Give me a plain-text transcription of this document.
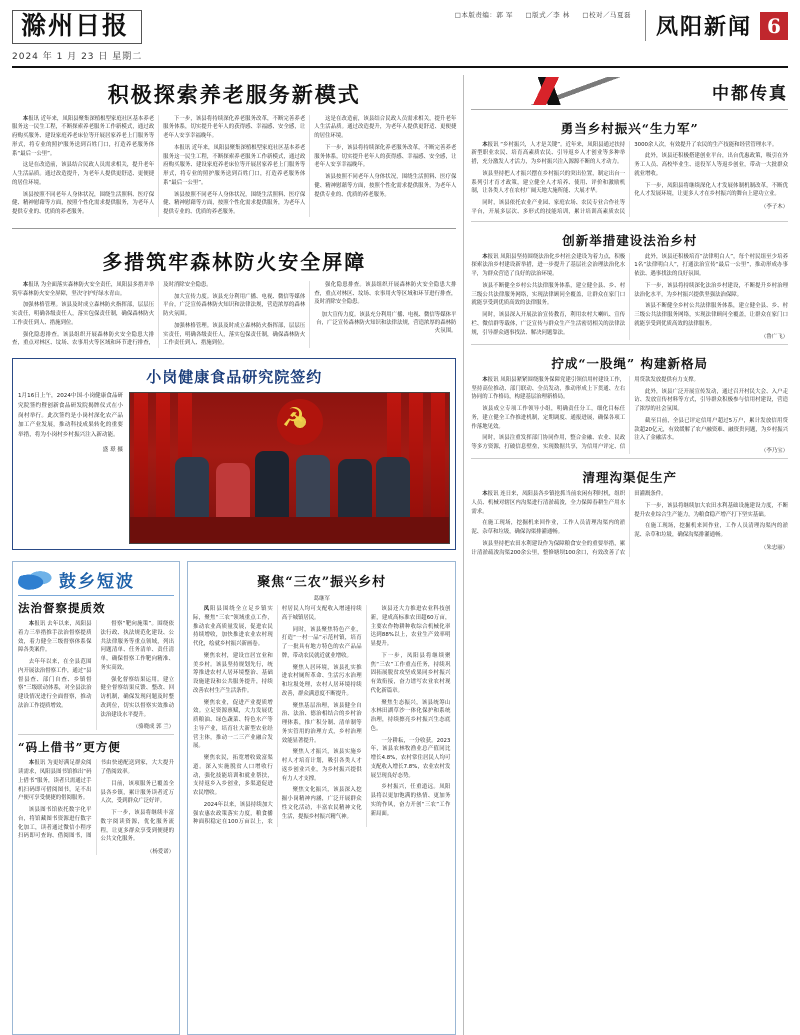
滁州日报
2024 年 1 月 23 日 星期二
□本版责编：郭 军 □版式／李 林 □校对／马夏磊	凤阳新闻 6
积极探索养老服务新模式

本报讯 近年来，凤阳县聚集深植根型家庭社区基本养老服务这一民生工程，不断探索养老服务工作新模式，通过政府购买服务、建设家庭养老床位等开展居家养老上门服务等形式，将专业的照护服务送到百姓门口，打造养老服务体系“最后一公里”。

这是在改造前，该县结合民政人员需求相关，提升老年人生活品质。通过改造提升，为老年人提供更舒适、更便捷的居住环境。

该县按照不同老年人身体状况，围绕生活照料、医疗保健、精神慰藉等方面，按照个性化需求提供服务，为老年人提供专业的、优质的养老服务。

下一步，该县将持续深化养老服务改革，不断完善养老服务体系，切实提升老年人的获得感、幸福感、安全感，让老年人安享幸福晚年。

本报讯 近年来，凤阳县聚集深植根型家庭社区基本养老服务这一民生工程，不断探索养老服务工作新模式，通过政府购买服务、建设家庭养老床位等开展居家养老上门服务等形式，将专业的照护服务送到百姓门口，打造养老服务体系“最后一公里”。

该县按照不同老年人身体状况，围绕生活照料、医疗保健、精神慰藉等方面，按照个性化需求提供服务，为老年人提供专业的、优质的养老服务。

这是在改造前，该县结合民政人员需求相关，提升老年人生活品质。通过改造提升，为老年人提供更舒适、更便捷的居住环境。

下一步，该县将持续深化养老服务改革，不断完善养老服务体系，切实提升老年人的获得感、幸福感、安全感，让老年人安享幸福晚年。

该县按照不同老年人身体状况，围绕生活照料、医疗保健、精神慰藉等方面，按照个性化需求提供服务，为老年人提供专业的、优质的养老服务。

多措筑牢森林防火安全屏障

本报讯 为全面落实森林防火安全责任，凤阳县多措并举筑牢森林防火安全屏障，坚决守护好绿水青山。

加强林格管理。该县及时成立森林防火指挥部，层层压实责任，明确各级责任人，落实包保责任制，确保森林防火工作责任到人、措施到位。

强化隐患排查。该县组织开展森林防火安全隐患大排查，重点对林区、坟场、农事用火等区域和环节进行排查，及时消除安全隐患。

加大宣传力度。该县充分利用广播、电视、微信等媒体平台，广泛宣传森林防火知识和法律法规，营造浓厚的森林防火氛围。

加强林格管理。该县及时成立森林防火指挥部，层层压实责任，明确各级责任人，落实包保责任制，确保森林防火工作责任到人、措施到位。

强化隐患排查。该县组织开展森林防火安全隐患大排查，重点对林区、坟场、农事用火等区域和环节进行排查，及时消除安全隐患。

加大宣传力度。该县充分利用广播、电视、微信等媒体平台，广泛宣传森林防火知识和法律法规，营造浓厚的森林防火氛围。

小岗健康食品研究院签约
1月16日上午，2024中国·小岗健康食品研究院签约暨创新食品研发院揭牌仪式在小岗村举行。此次签约是小岗村深化农产品加工产业发展，推动科技成果转化的重要举措，将为小岗村乡村振兴注入新动能。
盛 璟 摄
☭
鼓乡短波
法治督察提质效

本报讯 去年以来，凤阳县着力三举措推手法治督察提质效，着力健全三级督察体系保障各类案件。

去年年以来，在全县范围内开展法治督察工作，通过“县督县查、部门自查、乡镇督察”三级联动体系，对全县法治建设情况进行全面督察，推动法治工作提质增效。

督察“靶向施策”。围绕依法行政、执法规范化建设、公共法律服务等重点领域，列出问题清单、任务清单、责任清单，确保督察工作靶向精准、务实高效。

强化督察结果运用。建立健全督察结果反馈、整改、回访机制，确保发现问题及时整改到位，切实以督察实效推动法治建设水平提升。

（骆晓成 郭 兰）

“码上借书”更方便

本报讯 为更好满足群众阅读需求，凤阳县图书馆推出“码上借书”服务，读者只需通过手机扫码即可借阅图书，足不出户便可享受便捷的借阅服务。

该县图书馆依托数字化平台，将馆藏图书资源进行数字化加工，读者通过微信小程序扫码即可查询、借阅图书，图书由快递配送到家，大大提升了借阅效率。

目前，该项服务已覆盖全县各乡镇，累计服务读者近万人次，受到群众广泛好评。

下一步，该县将继续丰富数字阅读资源，优化服务流程，让更多群众享受到便捷的公共文化服务。

（杨爱诺）

聚焦“三农”振兴乡村
葛继军

凤阳县围绕全立足乡镇实际，聚焦“三农”领域重点工作，推动农业高质量发展，促进农民持续增收，加快推进农业农村现代化，绘就乡村振兴新画卷。

聚焦农村，建设宜居宜业和美乡村。该县坚持规划先行，统筹推进农村人居环境整治、基础设施建设和公共服务提升，持续改善农村生产生活条件。

聚焦农业，促进产业提质增效。立足资源禀赋，大力发展优质粮油、绿色蔬菜、特色水产等主导产业，培育壮大新型农业经营主体，推动一二三产业融合发展。

聚焦农民，拓宽增收致富渠道。深入实施脱贫人口增收行动，强化技能培训和就业帮扶，支持返乡入乡创业，多渠道促进农民增收。

2024年以来，该县持续加大强农惠农政策落实力度，粮食播种面积稳定在100万亩以上，农村居民人均可支配收入增速持续高于城镇居民。

同时，该县聚焦特色产业，打造“一村一品”示范村镇，培育了一批具有地方特色的农产品品牌，带动农民就近就业增收。

聚焦人居环境，该县扎实推进农村厕所革命、生活污水治理和垃圾处理，农村人居环境持续改善，群众满意度不断提升。

聚焦基层治理，该县健全自治、法治、德治相结合的乡村治理体系，推广积分制、清单制等务实管用的治理方式，乡村治理效能显著提升。

聚焦人才振兴，该县实施乡村人才培育计划，吸引各类人才返乡创业兴业，为乡村振兴提供有力人才支撑。

聚焦文化振兴，该县深入挖掘小岗精神内涵，广泛开展群众性文化活动，丰富农民精神文化生活，提振乡村振兴精气神。

该县还大力推进农业科技创新，建成高标准农田超60万亩，主要农作物耕种收综合机械化率达到88%以上，农业生产效率明显提升。

下一步，凤阳县将继续聚焦“三农”工作重点任务，持续巩固拓展脱贫攻坚成果同乡村振兴有效衔接，奋力谱写农业农村现代化新篇章。

聚焦生态振兴，该县统筹山水林田湖草沙一体化保护和系统治理，持续擦亮乡村振兴生态底色。

一分耕耘，一分收获。2023年，该县农林牧渔业总产值同比增长4.8%，农村常住居民人均可支配收入增长7.8%，农业农村发展呈现良好态势。

乡村振兴，任重道远。凤阳县将以更加饱满的热情、更加务实的作风，奋力开创“三农”工作新局面。

中都传真
勇当乡村振兴“生力军”

本报讯 “乡村振兴，人才是关键”。近年来，凤阳县通过扶持新型职业农民、培育高素质农民、引导返乡人才创业等多种举措，充分激发人才活力，为乡村振兴注入源源不断的人才动力。

该县坚持把人才振兴摆在乡村振兴的突出位置，制定出台一系列引才育才政策，建立健全人才培养、使用、评价和激励机制，让各类人才在农村广阔天地大施所能、大展才华。

同时，该县依托农业产业园、家庭农场、农民专业合作社等平台，开展多层次、多形式的技能培训，累计培训高素质农民3000余人次，有效提升了农民的生产技能和经营管理水平。

此外，该县还积极搭建创业平台，出台优惠政策，吸引在外务工人员、高校毕业生、退役军人等返乡创业，带动一大批群众就业增收。

下一步，凤阳县将继续深化人才发展体制机制改革，不断优化人才发展环境，让更多人才在乡村振兴的舞台上建功立业。

（李子木）

创新举措建设法治乡村

本报讯 凤阳县坚持围绕法治化乡村社会建设为着力点，积极探索法治乡村建设新举措，进一步提升了基层社会治理法治化水平，为群众营造了良好的法治环境。

该县不断健全乡村公共法律服务体系，建立健全县、乡、村三级公共法律服务网络，实现法律顾问全覆盖，让群众在家门口就能享受到优质高效的法律服务。

同时，该县深入开展法治宣传教育，利用农村大喇叭、宣传栏、微信群等载体，广泛宣传与群众生产生活密切相关的法律法规，引导群众遇事找法、解决问题靠法。

此外，该县还积极培育“法律明白人”，每个村民组至少培养1名“法律明白人”，打通法治宣传“最后一公里”，推动形成办事依法、遇事找法的良好氛围。

下一步，该县将持续深化法治乡村建设，不断提升乡村治理法治化水平，为乡村振兴提供坚强法治保障。

该县不断健全乡村公共法律服务体系，建立健全县、乡、村三级公共法律服务网络，实现法律顾问全覆盖，让群众在家门口就能享受到优质高效的法律服务。

（鲁广飞）

拧成“一股绳” 构建新格局

本报讯 凤阳县紧紧围绕服务保障党建引领信用村建设工作，坚持高位推动、部门联动、全员发动，推动形成上下贯通、左右协同的工作格局，构建基层治理新格局。

该县成立专项工作领导小组，明确责任分工，细化目标任务，建立健全工作推进机制，定期调度、通报进展，确保各项工作落地见效。

同时，该县注重发挥部门协同作用，整合金融、农业、民政等多方资源，打破信息壁垒，实现数据共享，为信用户评定、信用贷款发放提供有力支撑。

此外，该县广泛开展宣传发动，通过召开村民大会、入户走访、发放宣传材料等方式，引导群众积极参与信用村建设，营造了浓厚的社会氛围。

截至目前，全县已评定信用户超过5万户，累计发放信用贷款超20亿元，有效缓解了农户融资难、融资贵问题，为乡村振兴注入了金融活水。

（李乃宝）

清理沟渠促生产

本报讯 连日来，凤阳县各乡镇抢抓当前农闲有利时机，组织人员、机械对辖区内沟渠进行清淤疏浚，全力保障春耕生产用水需求。

在施工现场，挖掘机来回作业，工作人员清理沟渠内的淤泥、杂草和垃圾，确保沟渠排灌通畅。

该县坚持把农田水利建设作为保障粮食安全的重要举措，累计清淤疏浚沟渠200余公里，整修塘坝100余口，有效改善了农田灌溉条件。

下一步，该县将继续加大农田水利基础设施建设力度，不断提升农业综合生产能力，为粮食稳产增产打下坚实基础。

在施工现场，挖掘机来回作业，工作人员清理沟渠内的淤泥、杂草和垃圾，确保沟渠排灌通畅。

（朱忠丽）
